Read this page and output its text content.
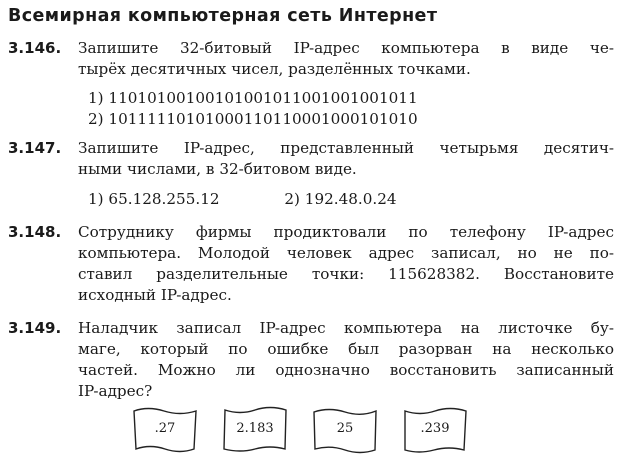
Всемирная компьютерная сеть Интернет
3.146. Запишите 32-битовый IP-адрес компьютера в виде че-
тырёх десятичных чисел, разделённых точками.
1) 11010100100101001011001001001011
2) 10111110101000110110001000101010
3.147. Запишите IP-адрес, представленный четырьмя десятич-
ными числами, в 32-битовом виде.
1) 65.128.255.12	2) 192.48.0.24
3.148. Сотруднику фирмы продиктовали по телефону IP-адрес
компьютера. Молодой человек адрес записал, но не по-
ставил разделительные точки: 115628382. Восстановите
исходный IP-адрес.
3.149. Наладчик записал IP-адрес компьютера на листочке бу-
маге, который по ошибке был разорван на несколько
частей. Можно ли однозначно восстановить записанный
IP-адрес?
.27	2.183	25	.239
